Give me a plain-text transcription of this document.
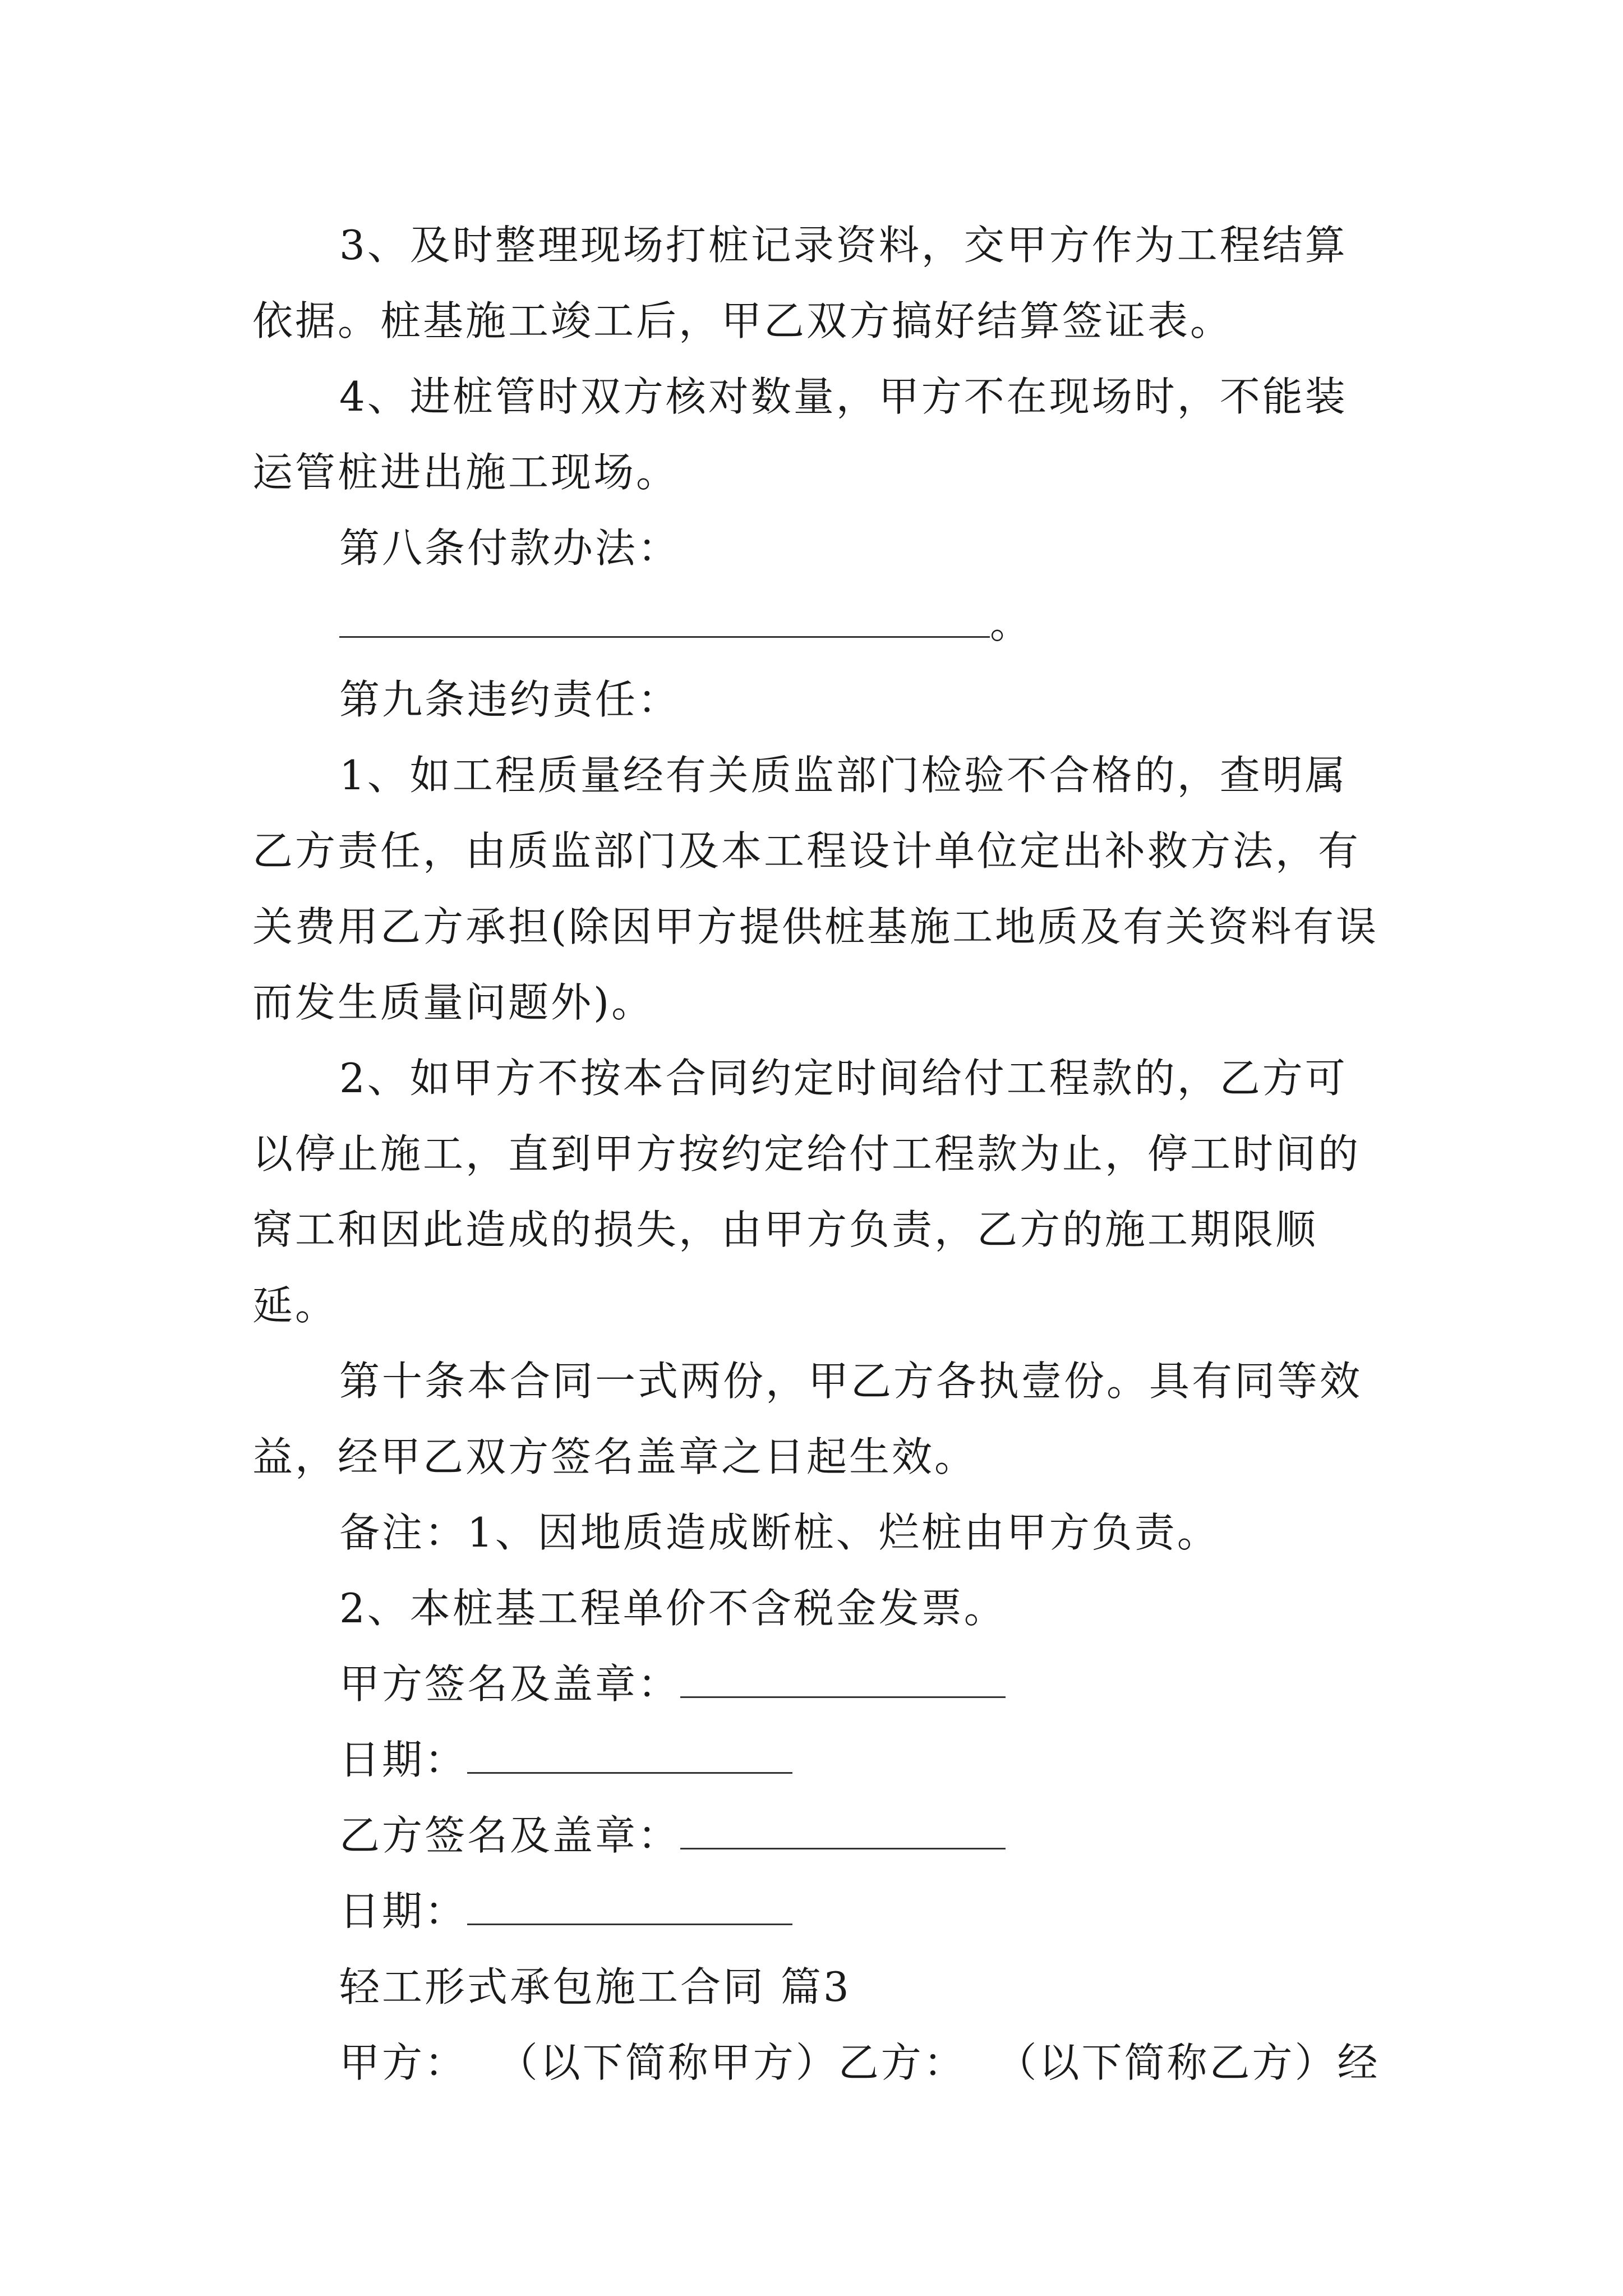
3、及时整理现场打桩记录资料，交甲方作为工程结算依据。桩基施工竣工后，甲乙双方搞好结算签证表。

4、进桩管时双方核对数量，甲方不在现场时，不能装运管桩进出施工现场。

第八条付款办法：

。

第九条违约责任：

1、如工程质量经有关质监部门检验不合格的，查明属乙方责任，由质监部门及本工程设计单位定出补救方法，有关费用乙方承担(除因甲方提供桩基施工地质及有关资料有误而发生质量问题外)。

2、如甲方不按本合同约定时间给付工程款的，乙方可以停止施工，直到甲方按约定给付工程款为止，停工时间的窝工和因此造成的损失，由甲方负责，乙方的施工期限顺延。

第十条本合同一式两份，甲乙方各执壹份。具有同等效益，经甲乙双方签名盖章之日起生效。

备注：1、因地质造成断桩、烂桩由甲方负责。

2、本桩基工程单价不含税金发票。

甲方签名及盖章：

日期：

乙方签名及盖章：

日期：

轻工形式承包施工合同 篇3

甲方：  （以下简称甲方）乙方：  （以下简称乙方）经
